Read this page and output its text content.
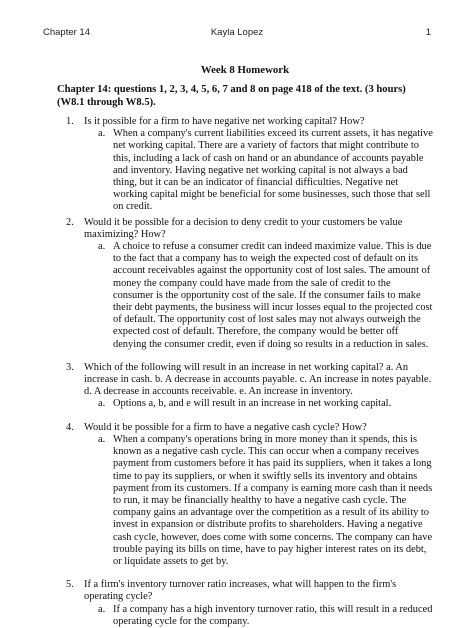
Chapter 14	Kayla Lopez	1
Week 8 Homework
Chapter 14: questions 1, 2, 3, 4, 5, 6, 7 and 8 on page 418 of the text. (3 hours) (W8.1 through W8.5).
1. Is it possible for a firm to have negative net working capital? How?
a. When a company's current liabilities exceed its current assets, it has negative net working capital. There are a variety of factors that might contribute to this, including a lack of cash on hand or an abundance of accounts payable and inventory. Having negative net working capital is not always a bad thing, but it can be an indicator of financial difficulties. Negative net working capital might be beneficial for some businesses, such those that sell on credit.
2. Would it be possible for a decision to deny credit to your customers be value maximizing? How?
a. A choice to refuse a consumer credit can indeed maximize value. This is due to the fact that a company has to weigh the expected cost of default on its account receivables against the opportunity cost of lost sales. The amount of money the company could have made from the sale of credit to the consumer is the opportunity cost of the sale. If the consumer fails to make their debt payments, the business will incur losses equal to the projected cost of default. The opportunity cost of lost sales may not always outweigh the expected cost of default. Therefore, the company would be better off denying the consumer credit, even if doing so results in a reduction in sales.
3. Which of the following will result in an increase in net working capital? a. An increase in cash. b. A decrease in accounts payable. c. An increase in notes payable. d. A decrease in accounts receivable. e. An increase in inventory.
a. Options a, b, and e will result in an increase in net working capital.
4. Would it be possible for a firm to have a negative cash cycle? How?
a. When a company's operations bring in more money than it spends, this is known as a negative cash cycle. This can occur when a company receives payment from customers before it has paid its suppliers, when it takes a long time to pay its suppliers, or when it swiftly sells its inventory and obtains payment from its customers. If a company is earning more cash than it needs to run, it may be financially healthy to have a negative cash cycle. The company gains an advantage over the competition as a result of its ability to invest in expansion or distribute profits to shareholders. Having a negative cash cycle, however, does come with some concerns. The company can have trouble paying its bills on time, have to pay higher interest rates on its debt, or liquidate assets to get by.
5. If a firm's inventory turnover ratio increases, what will happen to the firm's operating cycle?
a. If a company has a high inventory turnover ratio, this will result in a reduced operating cycle for the company.
